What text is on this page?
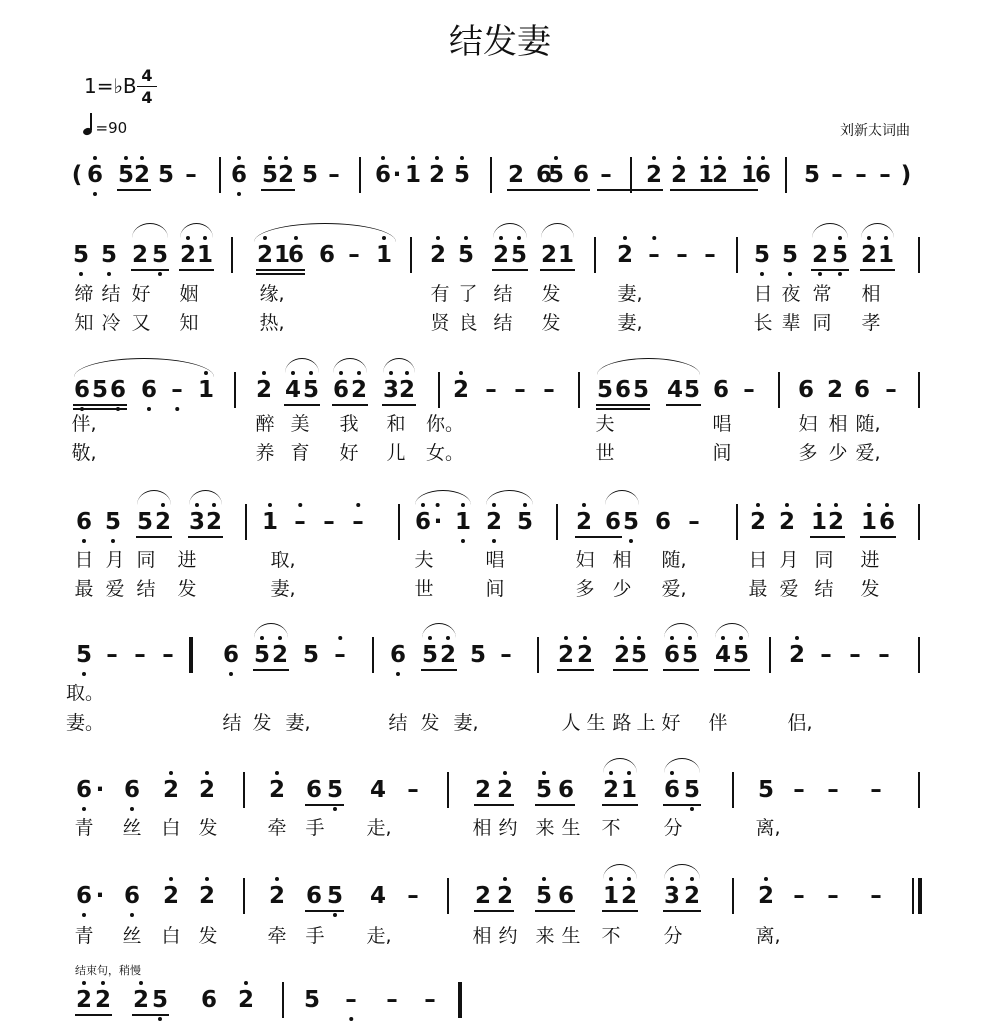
结发妻
1=♭B 4
4
=90	刘新太词曲
结束句，稍慢
( 6 5 2 5 – 6 5 2 5 – 6 · 1 2 5 2 6
5 6 – 2 2 1
2 1
6 5 – – – )
5 5 2 5 2 1 2 1
6 6 – 1 2 5 2 5 2 1 2 – – – 5 5 2 5 2 1
缔 结 好 姻	缘,	有 了 结 发	妻,	日 夜 常 相
知 冷 又 知	热,	贤 良 结 发	妻,	长 辈 同 孝
6 5 6 6 – 1 2 4 5 6 2 3 2 2 – – – 5 6 5 4 5 6 – 6 2 6 –
伴,	醉 美 我 和 你。	夫	唱	妇 相 随,
敬,	养 育 好 儿 女。	世	间	多 少 爱,
6 5 5 2 3 2 1 – – – 6 · 1 2 5 2 6 5 6 – 2 2 1 2 1 6
日 月 同 进	取,	夫	唱	妇 相 随,	日 月 同 进
最 爱 结 发	妻,	世	间	多 少 爱,	最 爱 结 发
5 – – – 6 5 2 5 – 6 5 2 5 – 2 2 2 5 6 5 4 5 2 – – –
取。
妻。	结 发 妻,	结 发 妻,	人 生 路 上 好 伴	侣,
6 · 6 2 2 2 6 5 4 – 2 2 5 6 2 1 6 5	5 – – –
青 丝 白 发	牵 手 走,	相 约 来 生 不 分	离,
6 · 6 2 2 2 6 5 4 – 2 2 5 6 1 2 3 2	2 – – –
青 丝 白 发	牵 手 走,	相 约 来 生 不 分	离,
2 2 2 5 6 2 5 – – –
